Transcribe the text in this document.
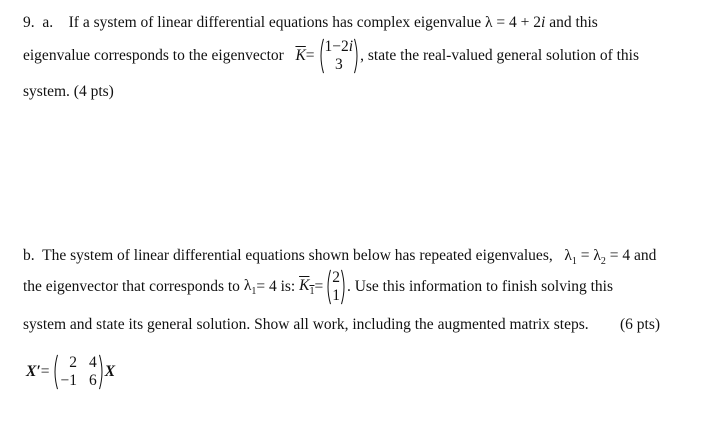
9. a. If a system of linear differential equations has complex eigenvalue λ = 4 + 2i and this
eigenvalue corresponds to the eigenvector
$\overline{K}$ =
1−2i
3
, state the real-valued general solution of this
system. (4 pts)
b. The system of linear differential equations shown below has repeated eigenvalues, $\lambda_1 = \lambda_2 = 4$ and
the eigenvector that corresponds to
$\lambda_1 = 4$ is:
$K_1$ =
2
1
. Use this information to finish solving this
system and state its general solution. Show all work, including the augmented matrix steps. (6 pts)
X′ =
2 4
−1 6
X
